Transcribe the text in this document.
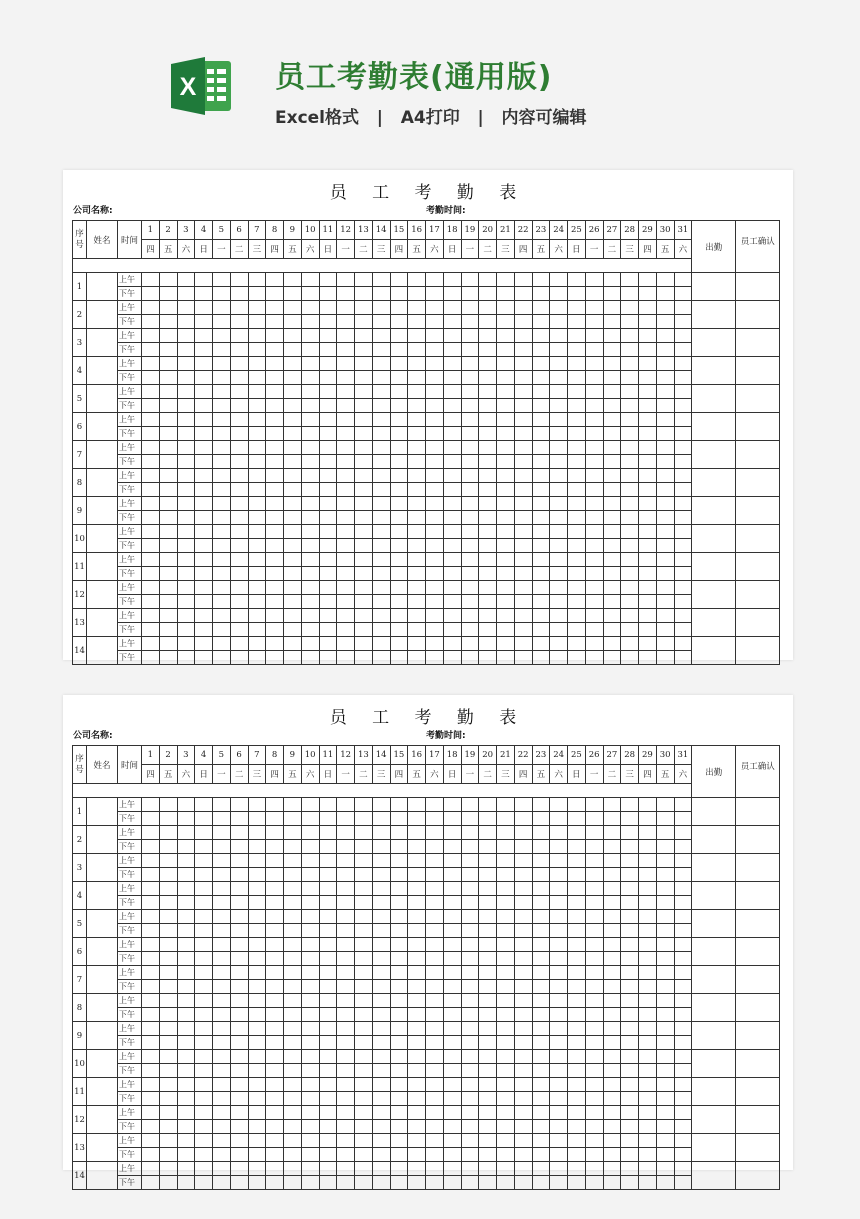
X	员工考勤表(通用版)
Excel格式 | A4打印 | 内容可编辑
员 工 考 勤 表
公司名称:	考勤时间:
序号	姓名	时间	1	2	3	4	5	6	7	8	9	10	11	12	13	14	15	16	17	18	19	20	21	22	23	24	25	26	27	28	29	30	31	出勤	员工确认
			四	五	六	日	一	二	三	四	五	六	日	一	二	三	四	五	六	日	一	二	三	四	五	六	日	一	二	三	四	五	六		

1		上午																																	
		下午																																	
2		上午																																	
		下午																																	
3		上午																																	
		下午																																	
4		上午																																	
		下午																																	
5		上午																																	
		下午																																	
6		上午																																	
		下午																																	
7		上午																																	
		下午																																	
8		上午																																	
		下午																																	
9		上午																																	
		下午																																	
10		上午																																	
		下午																																	
11		上午																																	
		下午																																	
12		上午																																	
		下午																																	
13		上午																																	
		下午																																	
14		上午																																	
		下午																																	
员 工 考 勤 表
公司名称:	考勤时间:
序号	姓名	时间	1	2	3	4	5	6	7	8	9	10	11	12	13	14	15	16	17	18	19	20	21	22	23	24	25	26	27	28	29	30	31	出勤	员工确认
			四	五	六	日	一	二	三	四	五	六	日	一	二	三	四	五	六	日	一	二	三	四	五	六	日	一	二	三	四	五	六		

1		上午																																	
		下午																																	
2		上午																																	
		下午																																	
3		上午																																	
		下午																																	
4		上午																																	
		下午																																	
5		上午																																	
		下午																																	
6		上午																																	
		下午																																	
7		上午																																	
		下午																																	
8		上午																																	
		下午																																	
9		上午																																	
		下午																																	
10		上午																																	
		下午																																	
11		上午																																	
		下午																																	
12		上午																																	
		下午																																	
13		上午																																	
		下午																																	
14		上午																																	
		下午																																	
